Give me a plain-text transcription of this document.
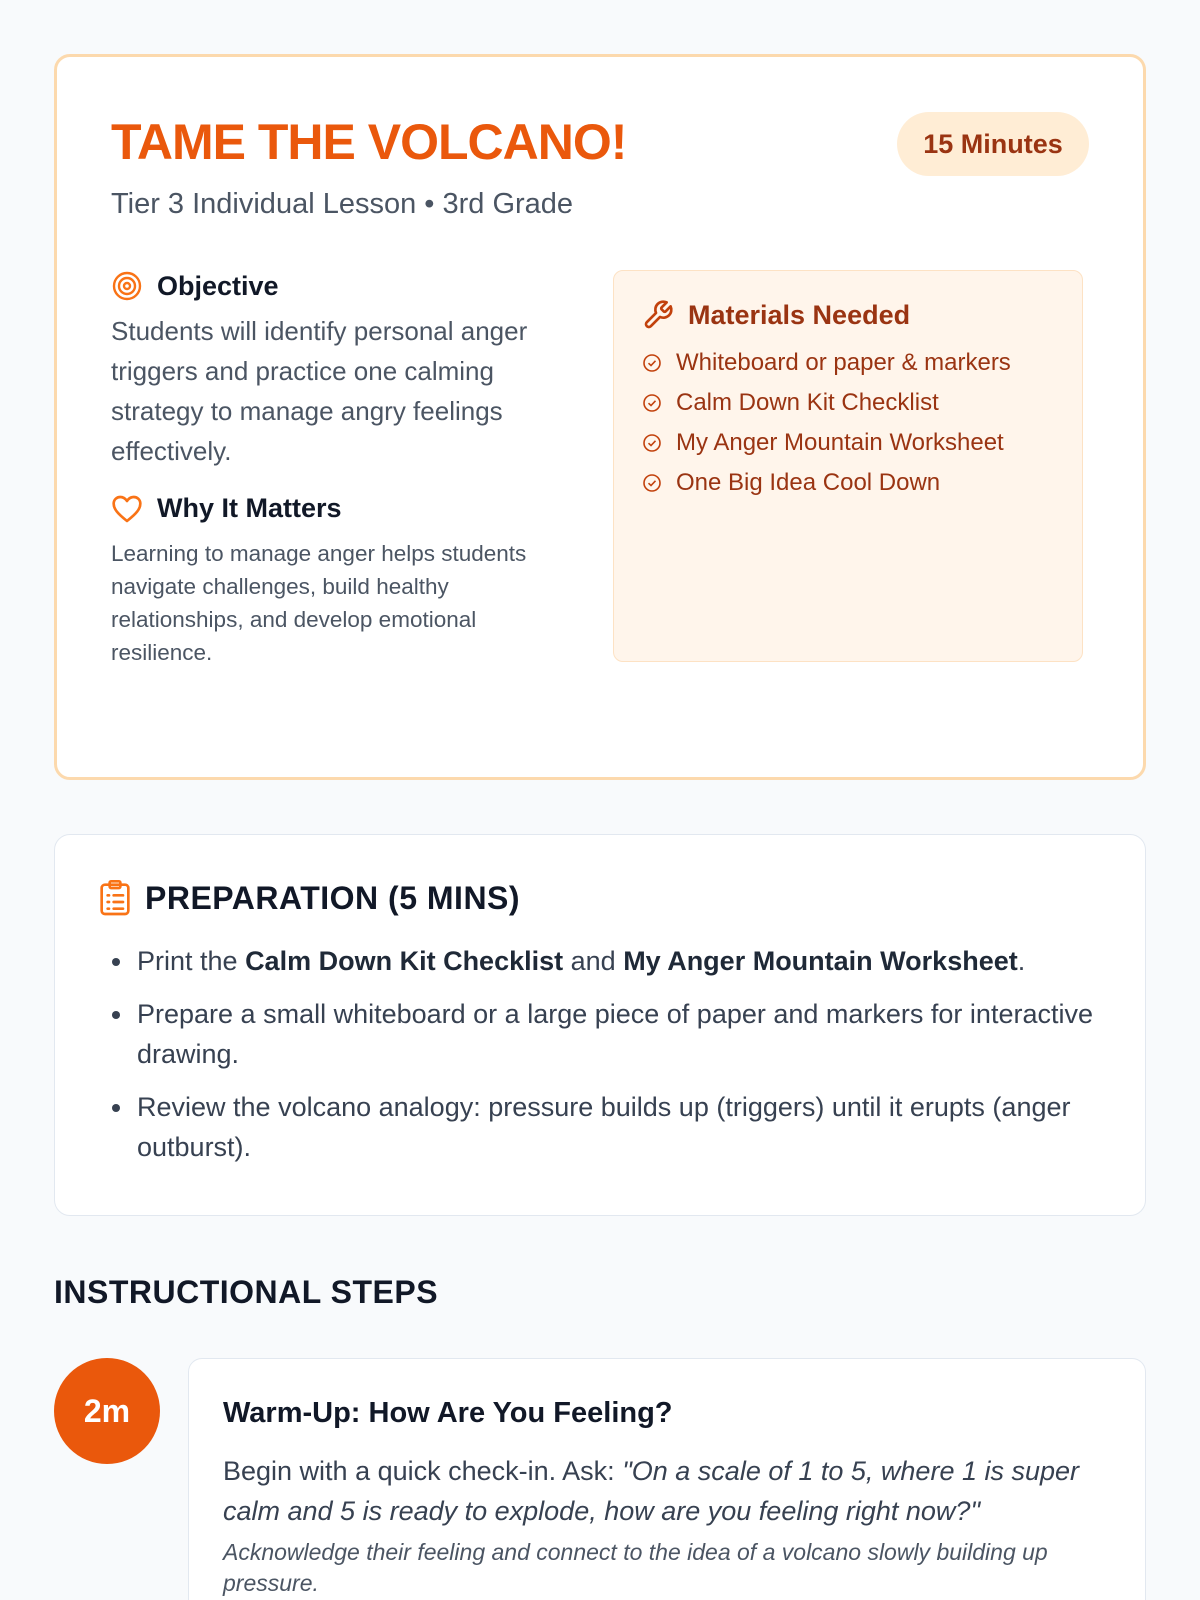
TAME THE VOLCANO!	15 Minutes
Tier 3 Individual Lesson • 3rd Grade
Objective

Students will identify personal anger triggers and practice one calming strategy to manage angry feelings effectively.

Why It Matters

Learning to manage anger helps students navigate challenges, build healthy relationships, and develop emotional resilience.

Materials Needed
Whiteboard or paper & markers
Calm Down Kit Checklist
My Anger Mountain Worksheet
One Big Idea Cool Down
PREPARATION (5 MINS)
• Print the Calm Down Kit Checklist and My Anger Mountain Worksheet.
• Prepare a small whiteboard or a large piece of paper and markers for interactive drawing.
• Review the volcano analogy: pressure builds up (triggers) until it erupts (anger outburst).
INSTRUCTIONAL STEPS
2m	Warm-Up: How Are You Feeling?

Begin with a quick check-in. Ask: "On a scale of 1 to 5, where 1 is super calm and 5 is ready to explode, how are you feeling right now?"

Acknowledge their feeling and connect to the idea of a volcano slowly building up pressure.
